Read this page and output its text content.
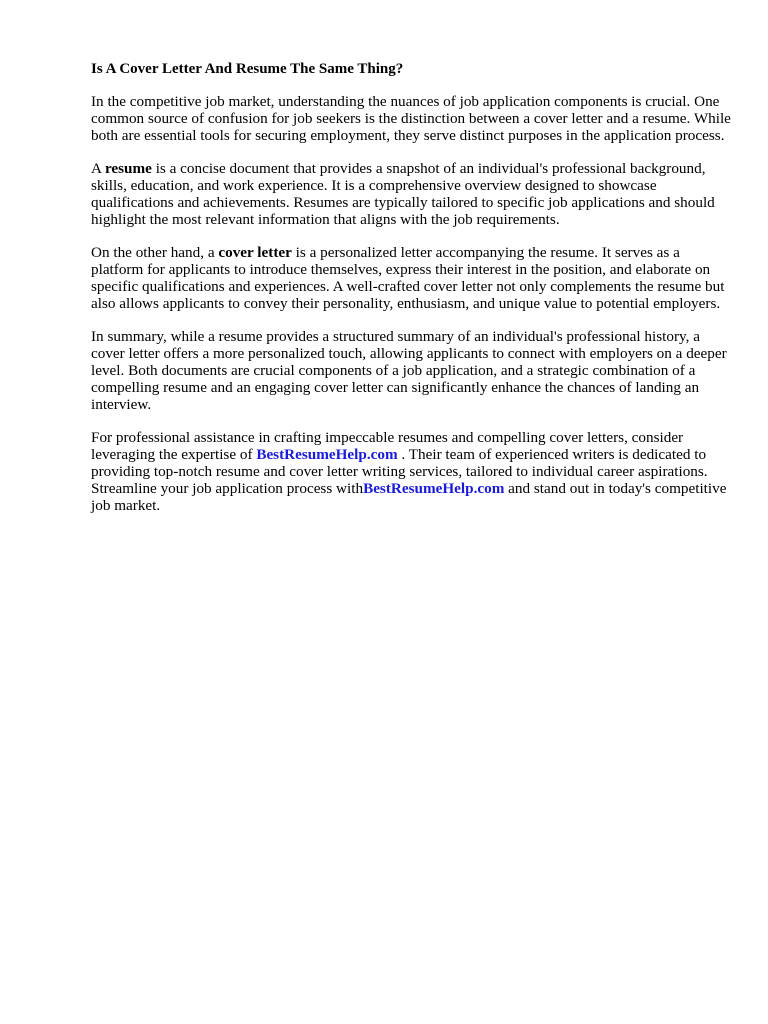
Is A Cover Letter And Resume The Same Thing?

In the competitive job market, understanding the nuances of job application components is crucial. One common source of confusion for job seekers is the distinction between a cover letter and a resume. While both are essential tools for securing employment, they serve distinct purposes in the application process.

A resume is a concise document that provides a snapshot of an individual's professional background, skills, education, and work experience. It is a comprehensive overview designed to showcase qualifications and achievements. Resumes are typically tailored to specific job applications and should highlight the most relevant information that aligns with the job requirements.

On the other hand, a cover letter is a personalized letter accompanying the resume. It serves as a platform for applicants to introduce themselves, express their interest in the position, and elaborate on specific qualifications and experiences. A well-crafted cover letter not only complements the resume but also allows applicants to convey their personality, enthusiasm, and unique value to potential employers.

In summary, while a resume provides a structured summary of an individual's professional history, a cover letter offers a more personalized touch, allowing applicants to connect with employers on a deeper level. Both documents are crucial components of a job application, and a strategic combination of a compelling resume and an engaging cover letter can significantly enhance the chances of landing an interview.

For professional assistance in crafting impeccable resumes and compelling cover letters, consider leveraging the expertise of BestResumeHelp.com . Their team of experienced writers is dedicated to providing top-notch resume and cover letter writing services, tailored to individual career aspirations. Streamline your job application process withBestResumeHelp.com and stand out in today's competitive job market.
